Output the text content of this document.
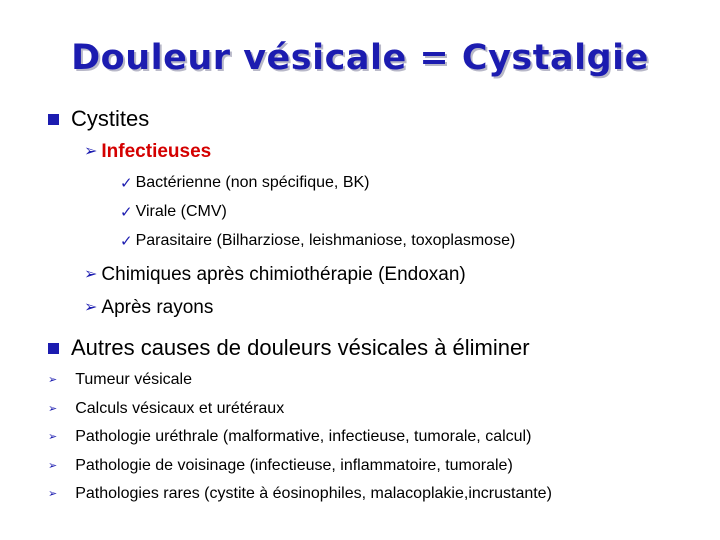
Douleur vésicale = Cystalgie
Cystites
➢ Infectieuses
✓ Bactérienne (non spécifique, BK)
✓ Virale (CMV)
✓ Parasitaire (Bilharziose, leishmaniose, toxoplasmose)
➢ Chimiques après chimiothérapie (Endoxan)
➢ Après rayons
Autres causes de douleurs vésicales à éliminer
➢ Tumeur vésicale
➢ Calculs vésicaux et urétéraux
➢ Pathologie uréthrale (malformative, infectieuse, tumorale, calcul)
➢ Pathologie de voisinage (infectieuse, inflammatoire, tumorale)
➢ Pathologies rares (cystite à éosinophiles, malacoplakie,incrustante)
